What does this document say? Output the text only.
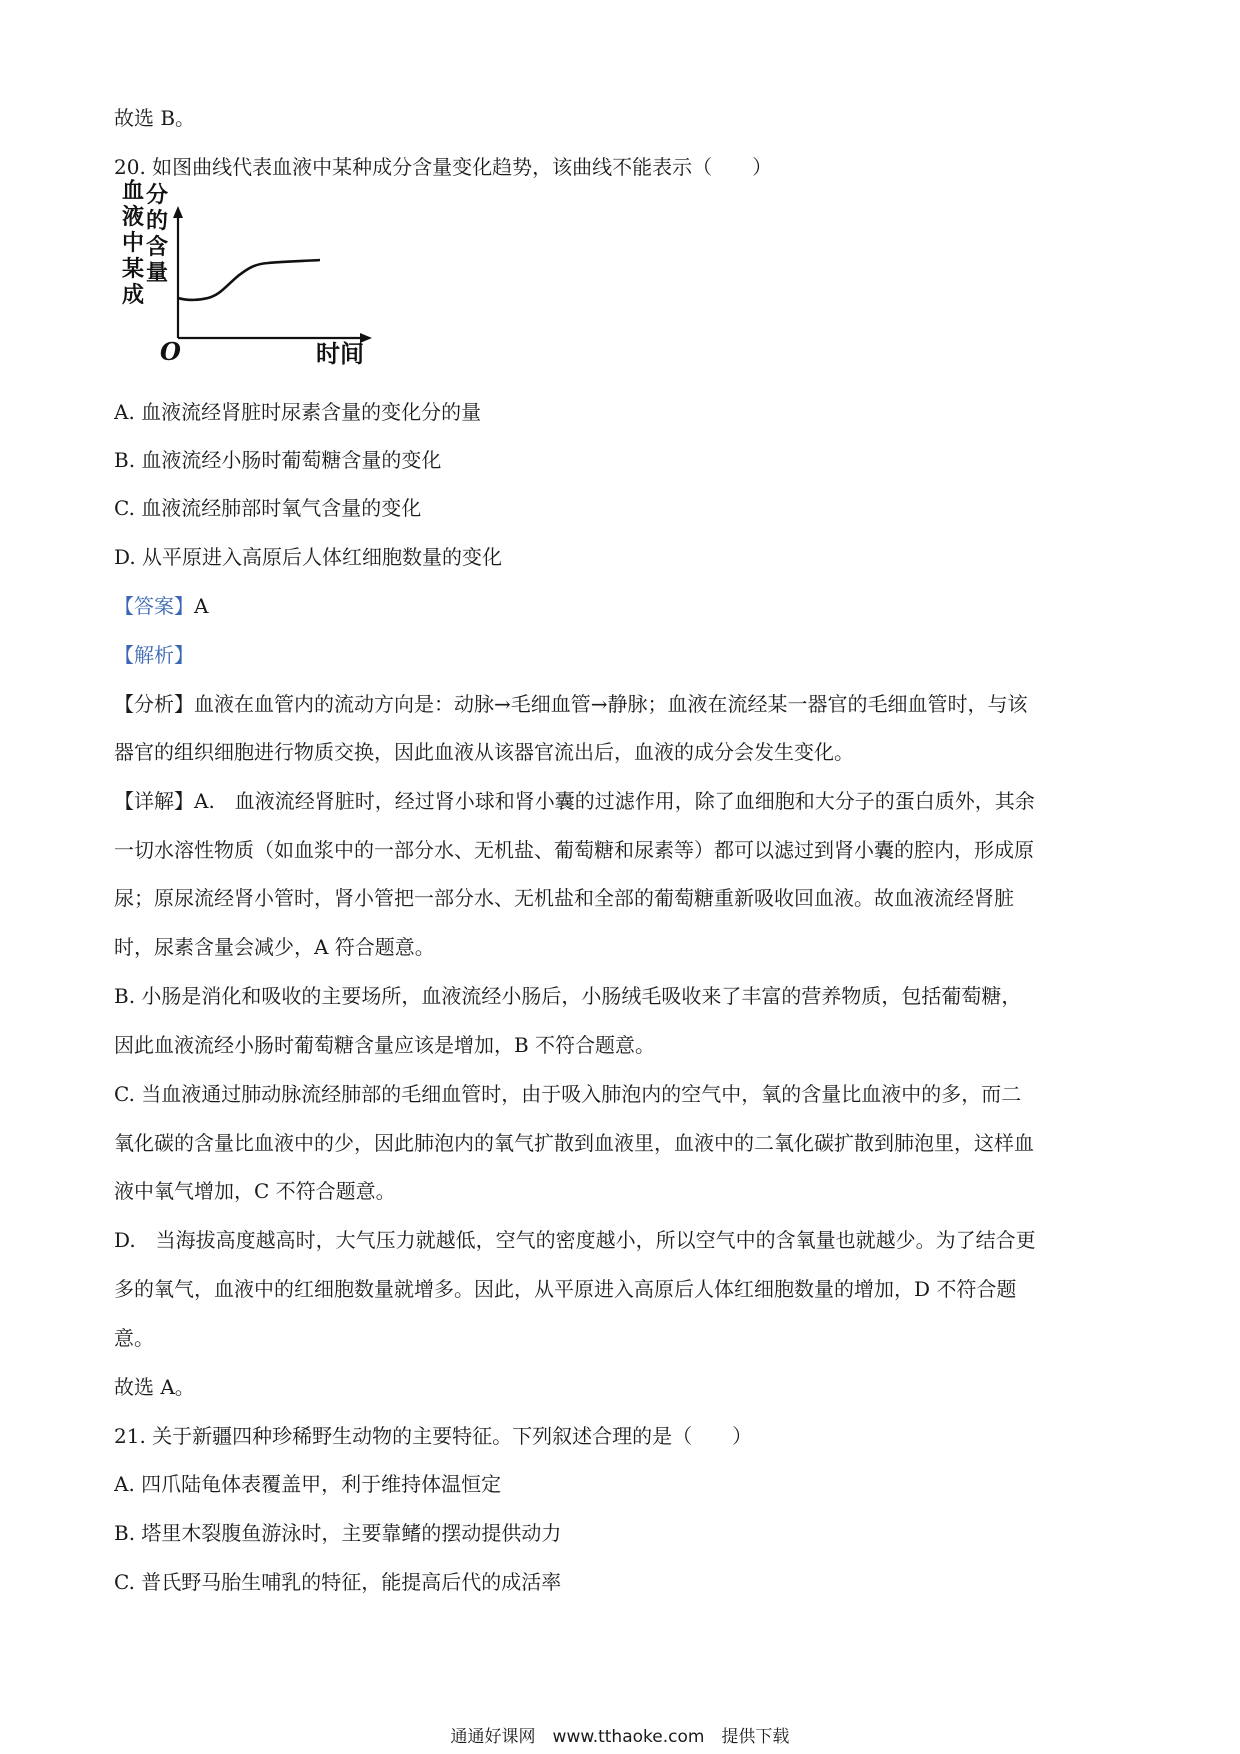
故选 B。
20. 如图曲线代表血液中某种成分含量变化趋势，该曲线不能表示（　　）
血 液 中 某 成
分 的 含 量
O	时间
A. 血液流经肾脏时尿素含量的变化分的量
B. 血液流经小肠时葡萄糖含量的变化
C. 血液流经肺部时氧气含量的变化
D. 从平原进入高原后人体红细胞数量的变化
【答案】A
【解析】
【分析】血液在血管内的流动方向是：动脉→毛细血管→静脉；血液在流经某一器官的毛细血管时，与该
器官的组织细胞进行物质交换，因此血液从该器官流出后，血液的成分会发生变化。
【详解】A.　血液流经肾脏时，经过肾小球和肾小囊的过滤作用，除了血细胞和大分子的蛋白质外，其余
一切水溶性物质（如血浆中的一部分水、无机盐、葡萄糖和尿素等）都可以滤过到肾小囊的腔内，形成原
尿；原尿流经肾小管时，肾小管把一部分水、无机盐和全部的葡萄糖重新吸收回血液。故血液流经肾脏
时，尿素含量会减少，A 符合题意。
B. 小肠是消化和吸收的主要场所，血液流经小肠后，小肠绒毛吸收来了丰富的营养物质，包括葡萄糖，
因此血液流经小肠时葡萄糖含量应该是增加，B 不符合题意。
C. 当血液通过肺动脉流经肺部的毛细血管时，由于吸入肺泡内的空气中，氧的含量比血液中的多，而二
氧化碳的含量比血液中的少，因此肺泡内的氧气扩散到血液里，血液中的二氧化碳扩散到肺泡里，这样血
液中氧气增加，C 不符合题意。
D.　当海拔高度越高时，大气压力就越低，空气的密度越小，所以空气中的含氧量也就越少。为了结合更
多的氧气，血液中的红细胞数量就增多。因此，从平原进入高原后人体红细胞数量的增加，D 不符合题
意。
故选 A。
21. 关于新疆四种珍稀野生动物的主要特征。下列叙述合理的是（　　）
A. 四爪陆龟体表覆盖甲，利于维持体温恒定
B. 塔里木裂腹鱼游泳时，主要靠鳍的摆动提供动力
C. 普氏野马胎生哺乳的特征，能提高后代的成活率
通通好课网　www.tthaoke.com　提供下载
